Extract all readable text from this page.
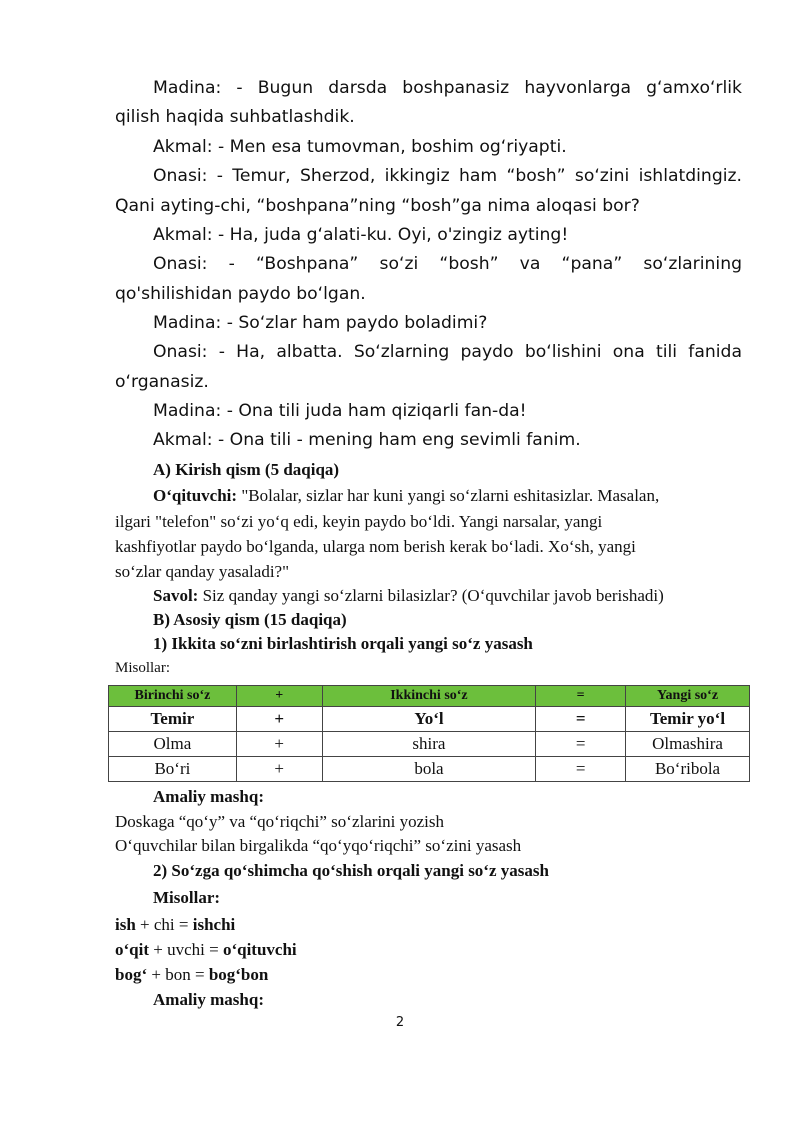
Madina: - Bugun darsda boshpanasiz hayvonlarga g‘amxo‘rlik
qilish haqida suhbatlashdik.
Akmal: - Men esa tumovman, boshim og‘riyapti.
Onasi: - Temur, Sherzod, ikkingiz ham “bosh” so‘zini ishlatdingiz.
Qani ayting-chi, “boshpana”ning “bosh”ga nima aloqasi bor?
Akmal: - Ha, juda g‘alati-ku. Oyi, o'zingiz ayting!
Onasi: - “Boshpana” so‘zi “bosh” va “pana” so‘zlarining
qo'shilishidan paydo bo‘lgan.
Madina: - So‘zlar ham paydo boladimi?
Onasi: - Ha, albatta. So‘zlarning paydo bo‘lishini ona tili fanida
o‘rganasiz.
Madina: - Ona tili juda ham qiziqarli fan-da!
Akmal: - Ona tili - mening ham eng sevimli fanim.
A) Kirish qism (5 daqiqa)
O‘qituvchi: "Bolalar, sizlar har kuni yangi so‘zlarni eshitasizlar. Masalan,
ilgari "telefon" so‘zi yo‘q edi, keyin paydo bo‘ldi. Yangi narsalar, yangi
kashfiyotlar paydo bo‘lganda, ularga nom berish kerak bo‘ladi. Xo‘sh, yangi
so‘zlar qanday yasaladi?"
Savol: Siz qanday yangi so‘zlarni bilasizlar? (O‘quvchilar javob berishadi)
B) Asosiy qism (15 daqiqa)
1) Ikkita so‘zni birlashtirish orqali yangi so‘z yasash
Misollar:
Birinchi so‘z	+	Ikkinchi so‘z	=	Yangi so‘z
Temir	+	Yo‘l	=	Temir yo‘l
Olma	+	shira	=	Olmashira
Bo‘ri	+	bola	=	Bo‘ribola
Amaliy mashq:
Doskaga “qo‘y” va “qo‘riqchi” so‘zlarini yozish
O‘quvchilar bilan birgalikda “qo‘yqo‘riqchi” so‘zini yasash
2) So‘zga qo‘shimcha qo‘shish orqali yangi so‘z yasash
Misollar:
ish + chi = ishchi
o‘qit + uvchi = o‘qituvchi
bog‘ + bon = bog‘bon
Amaliy mashq:
2
